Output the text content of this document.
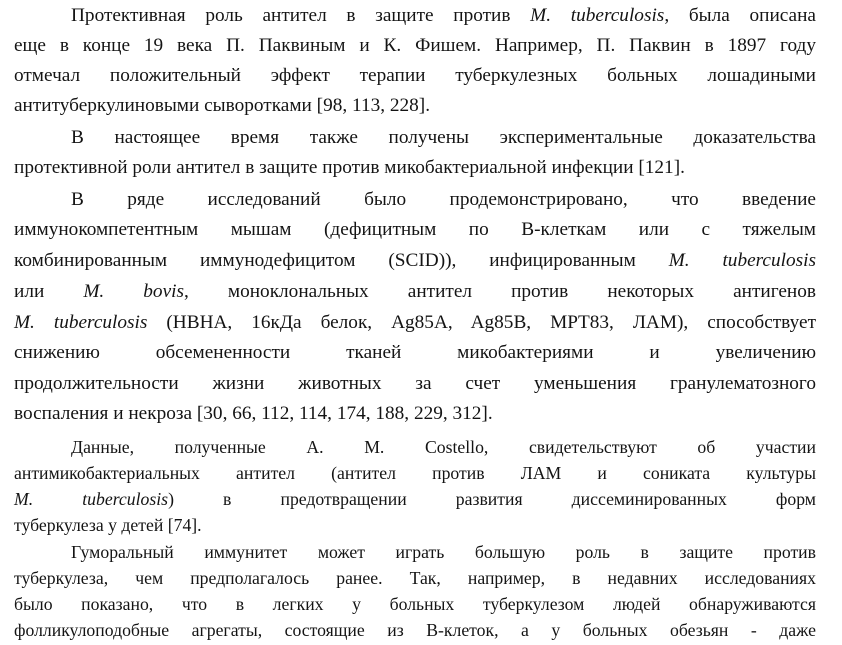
Протективная роль антител в защите против M. tuberculosis, была описана
еще в конце 19 века П. Паквиным и К. Фишем. Например, П. Паквин в 1897 году
отмечал положительный эффект терапии туберкулезных больных лошадиными
антитуберкулиновыми сыворотками [98, 113, 228].
В настоящее время также получены экспериментальные доказательства
протективной роли антител в защите против микобактериальной инфекции [121].
В ряде исследований было продемонстрировано, что введение
иммунокомпетентным мышам (дефицитным по В-клеткам или с тяжелым
комбинированным иммунодефицитом (SCID)), инфицированным M. tuberculosis
или M. bovis, моноклональных антител против некоторых антигенов
M. tuberculosis (HBHA, 16кДа белок, Ag85A, Ag85B, MPT83, ЛАМ), способствует
снижению обсемененности тканей микобактериями и увеличению
продолжительности жизни животных за счет уменьшения гранулематозного
воспаления и некроза [30, 66, 112, 114, 174, 188, 229, 312].
Данные, полученные A. M. Costello, свидетельствуют об участии
антимикобактериальных антител (антител против ЛАМ и сониката культуры
M. tuberculosis) в предотвращении развития диссеминированных форм
туберкулеза у детей [74].
Гуморальный иммунитет может играть большую роль в защите против
туберкулеза, чем предполагалось ранее. Так, например, в недавних исследованиях
было показано, что в легких у больных туберкулезом людей обнаруживаются
фолликулоподобные агрегаты, состоящие из В-клеток, а у больных обезьян - даже
